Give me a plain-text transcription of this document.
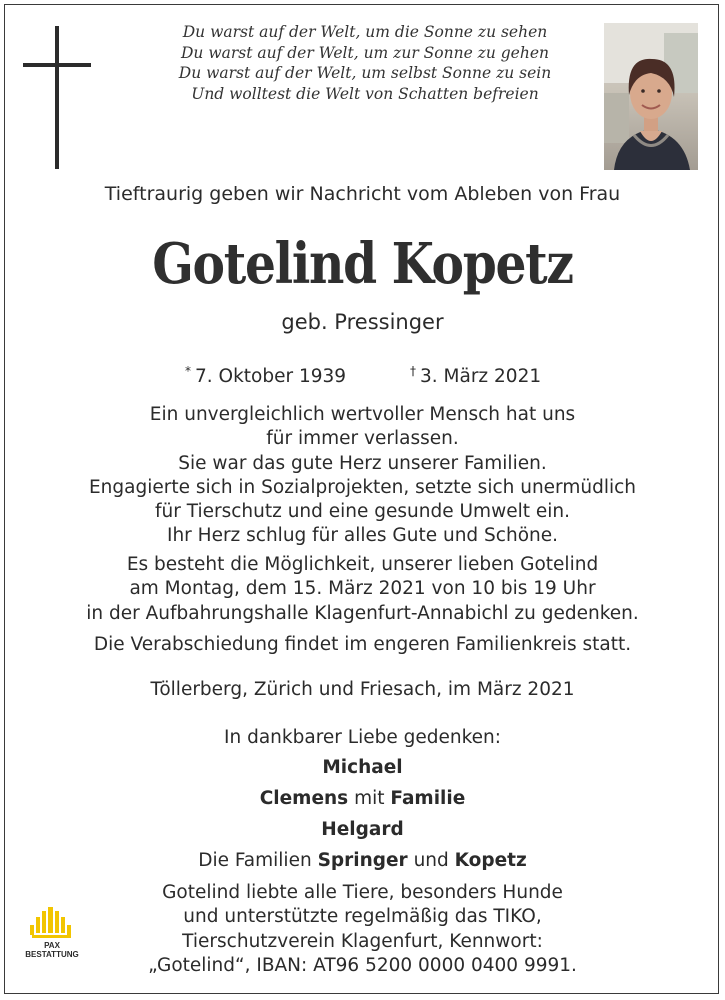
Du warst auf der Welt, um die Sonne zu sehen
Du warst auf der Welt, um zur Sonne zu gehen
Du warst auf der Welt, um selbst Sonne zu sein
Und wolltest die Welt von Schatten befreien
Tieftraurig geben wir Nachricht vom Ableben von Frau
Gotelind Kopetz
geb. Pressinger
* 7. Oktober 1939	† 3. März 2021
Ein unvergleichlich wertvoller Mensch hat uns
für immer verlassen.
Sie war das gute Herz unserer Familien.
Engagierte sich in Sozialprojekten, setzte sich unermüdlich
für Tierschutz und eine gesunde Umwelt ein.
Ihr Herz schlug für alles Gute und Schöne.
Es besteht die Möglichkeit, unserer lieben Gotelind
am Montag, dem 15. März 2021 von 10 bis 19 Uhr
in der Aufbahrungshalle Klagenfurt-Annabichl zu gedenken.
Die Verabschiedung findet im engeren Familienkreis statt.
Töllerberg, Zürich und Friesach, im März 2021
In dankbarer Liebe gedenken:
Michael
Clemens mit Familie
Helgard
Die Familien Springer und Kopetz
Gotelind liebte alle Tiere, besonders Hunde
und unterstützte regelmäßig das TIKO,
Tierschutzverein Klagenfurt, Kennwort:
„Gotelind“, IBAN: AT96 5200 0000 0400 9991.
PAX
BESTATTUNG
